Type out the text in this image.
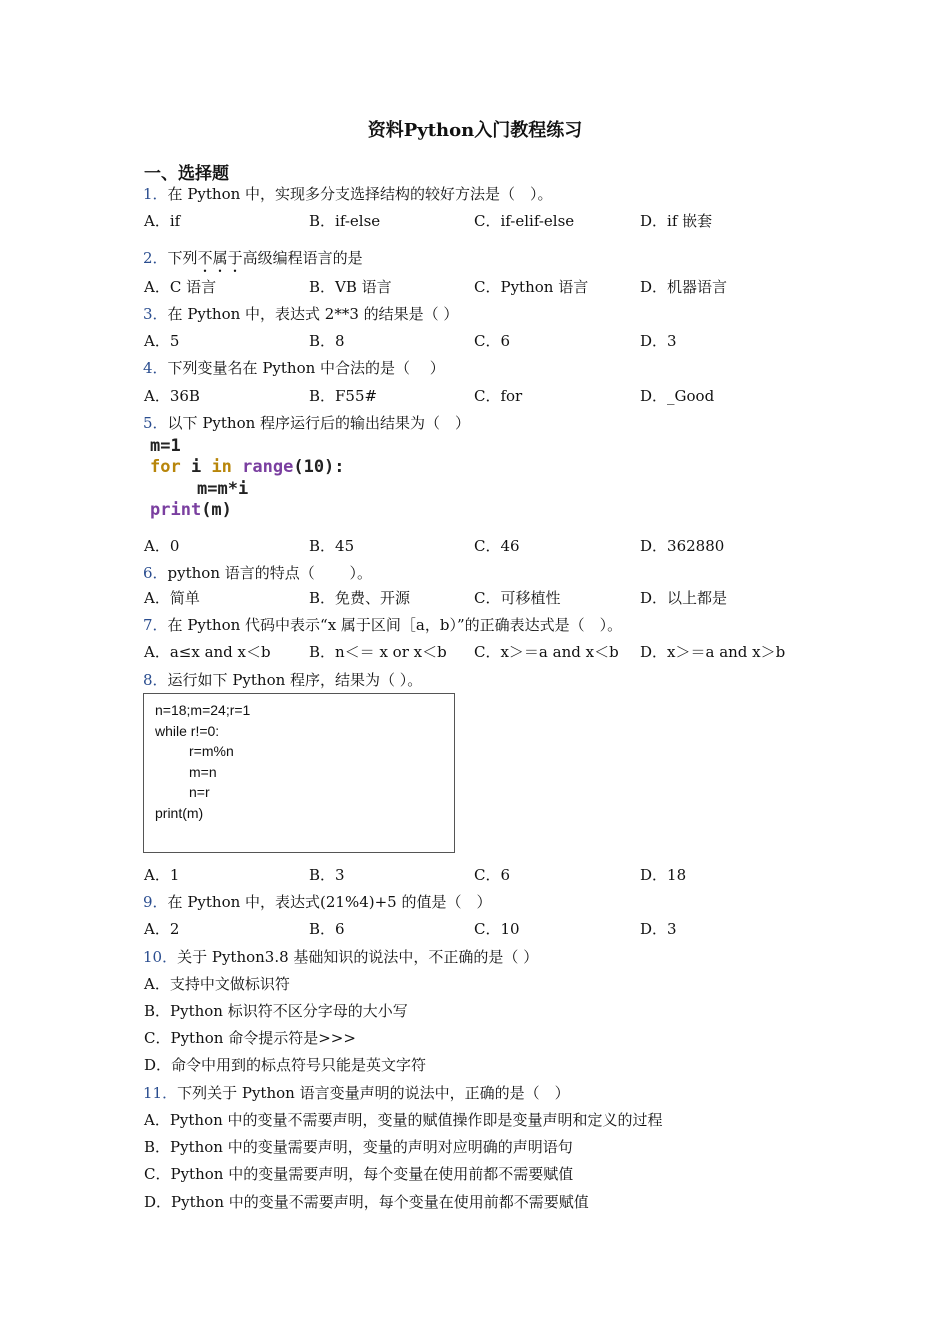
资料Python入门教程练习
一、选择题
1．在 Python 中，实现多分支选择结构的较好方法是（　）。
A．if	B．if-else	C．if-elif-else	D．if 嵌套
2．下列不属于高级编程语言的是
A．C 语言	B．VB 语言	C．Python 语言	D．机器语言
3．在 Python 中，表达式 2**3 的结果是（ ）
A．5	B．8	C．6	D．3
4．下列变量名在 Python 中合法的是（　 ）
A．36B	B．F55#	C．for	D．_Good
5．以下 Python 程序运行后的输出结果为（　）
m=1
for i in range(10):
m=m*i
print(m)
A．0	B．45	C．46	D．362880
6．python 语言的特点（　　 ）。
A．简单	B．免费、开源	C．可移植性	D．以上都是
7．在 Python 代码中表示“x 属于区间［a，b）”的正确表达式是（　）。
A．a≤x and x＜b	B．n＜＝ x or x＜b C．x＞＝a and x＜b D．x＞＝a and x＞b
8．运行如下 Python 程序，结果为（ ）。
n=18;m=24;r=1
while r!=0:
r=m%n
m=n
n=r
print(m)
A．1	B．3	C．6	D．18
9．在 Python 中，表达式(21%4)+5 的值是（　）
A．2	B．6	C．10	D．3
10．关于 Python3.8 基础知识的说法中，不正确的是（ ）
A．支持中文做标识符
B．Python 标识符不区分字母的大小写
C．Python 命令提示符是>>>
D．命令中用到的标点符号只能是英文字符
11．下列关于 Python 语言变量声明的说法中，正确的是（　）
A．Python 中的变量不需要声明，变量的赋值操作即是变量声明和定义的过程
B．Python 中的变量需要声明，变量的声明对应明确的声明语句
C．Python 中的变量需要声明，每个变量在使用前都不需要赋值
D．Python 中的变量不需要声明，每个变量在使用前都不需要赋值
